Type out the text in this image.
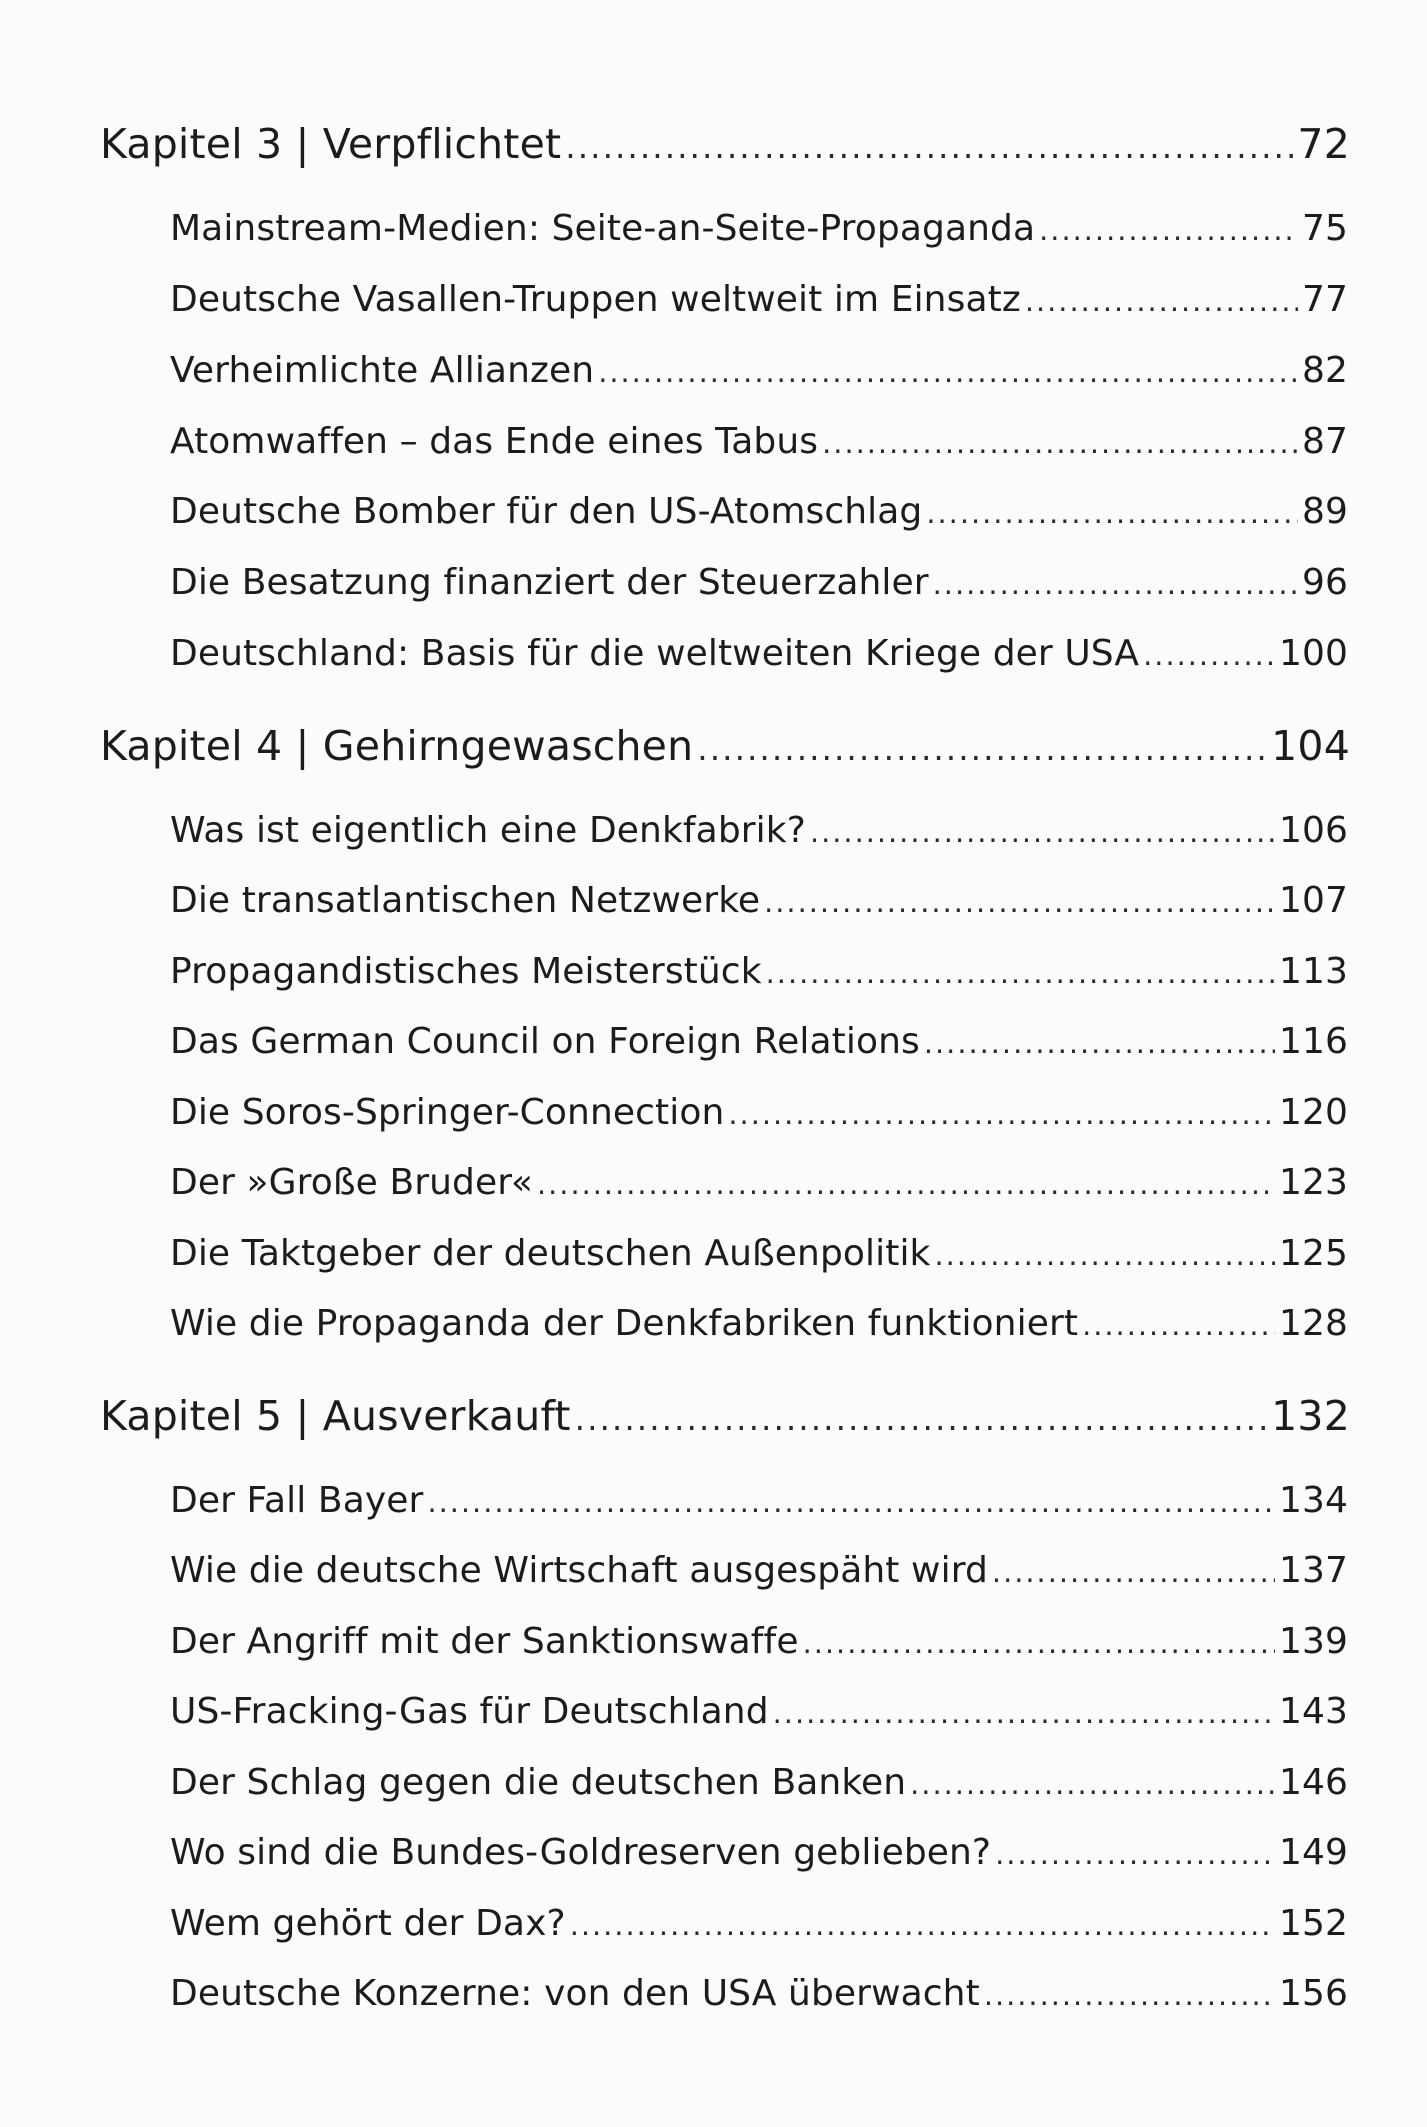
Kapitel 3 | Verpflichtet .....	72
Mainstream-Medien: Seite-an-Seite-Propaganda .....	75
Deutsche Vasallen-Truppen weltweit im Einsatz .....	77
Verheimlichte Allianzen .....	82
Atomwaffen – das Ende eines Tabus .....	87
Deutsche Bomber für den US-Atomschlag .....	89
Die Besatzung finanziert der Steuerzahler .....	96
Deutschland: Basis für die weltweiten Kriege der USA .....	100
Kapitel 4 | Gehirngewaschen .....	104
Was ist eigentlich eine Denkfabrik? .....	106
Die transatlantischen Netzwerke .....	107
Propagandistisches Meisterstück .....	113
Das German Council on Foreign Relations .....	116
Die Soros-Springer-Connection .....	120
Der »Große Bruder« .....	123
Die Taktgeber der deutschen Außenpolitik .....	125
Wie die Propaganda der Denkfabriken funktioniert .....	128
Kapitel 5 | Ausverkauft .....	132
Der Fall Bayer .....	134
Wie die deutsche Wirtschaft ausgespäht wird .....	137
Der Angriff mit der Sanktionswaffe .....	139
US-Fracking-Gas für Deutschland .....	143
Der Schlag gegen die deutschen Banken .....	146
Wo sind die Bundes-Goldreserven geblieben? .....	149
Wem gehört der Dax? .....	152
Deutsche Konzerne: von den USA überwacht .....	156
